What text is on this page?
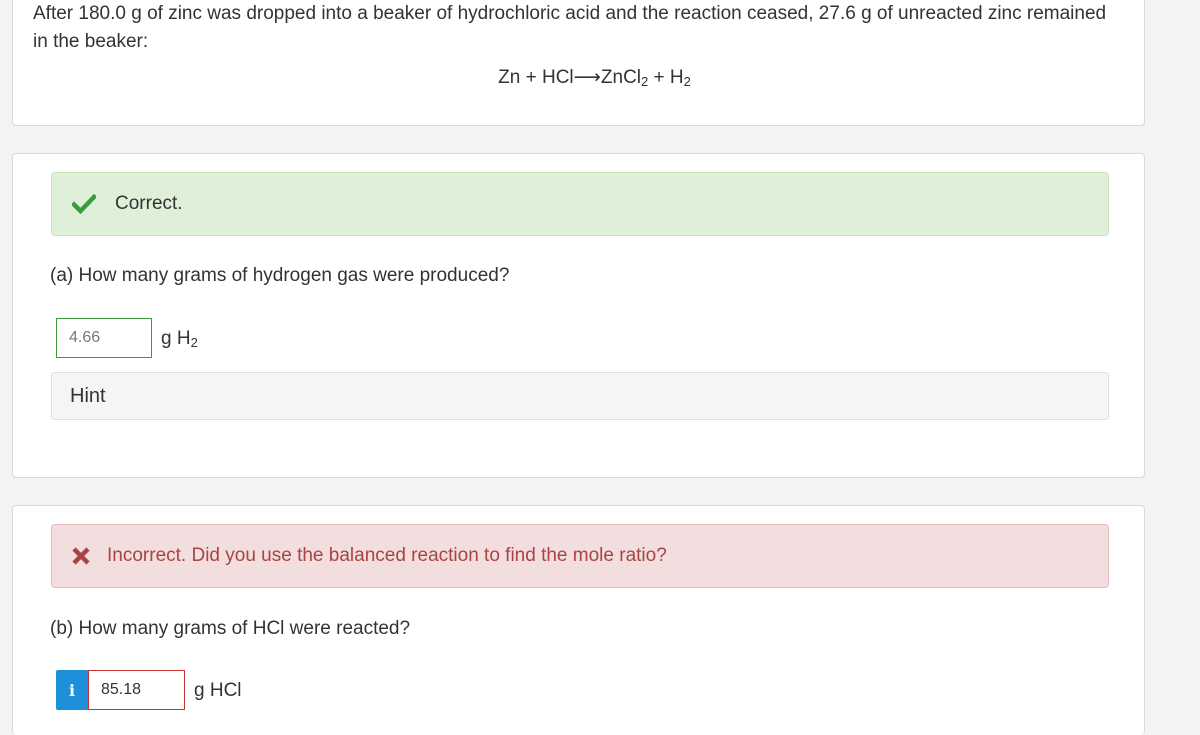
After 180.0 g of zinc was dropped into a beaker of hydrochloric acid and the reaction ceased, 27.6 g of unreacted zinc remained in the beaker:
Zn + HCl⟶ZnCl$_2$ + $H_2$
Correct.
(a) How many grams of hydrogen gas were produced?
4.66
g $H_2$
Hint
Incorrect. Did you use the balanced reaction to find the mole ratio?
(b) How many grams of HCl were reacted?
i
85.18	g HCl
